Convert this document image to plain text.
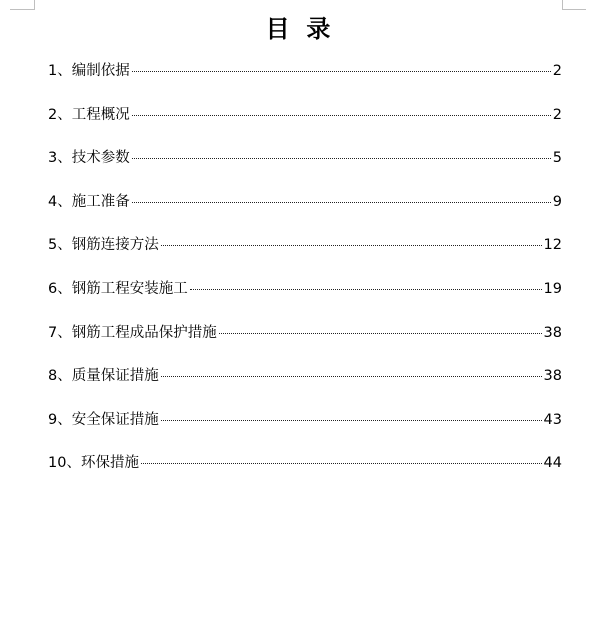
目  录
1、编制依据	2
2、工程概况	2
3、技术参数	5
4、施工准备	9
5、钢筋连接方法	12
6、钢筋工程安装施工	19
7、钢筋工程成品保护措施	38
8、质量保证措施	38
9、安全保证措施	43
10、环保措施	44
